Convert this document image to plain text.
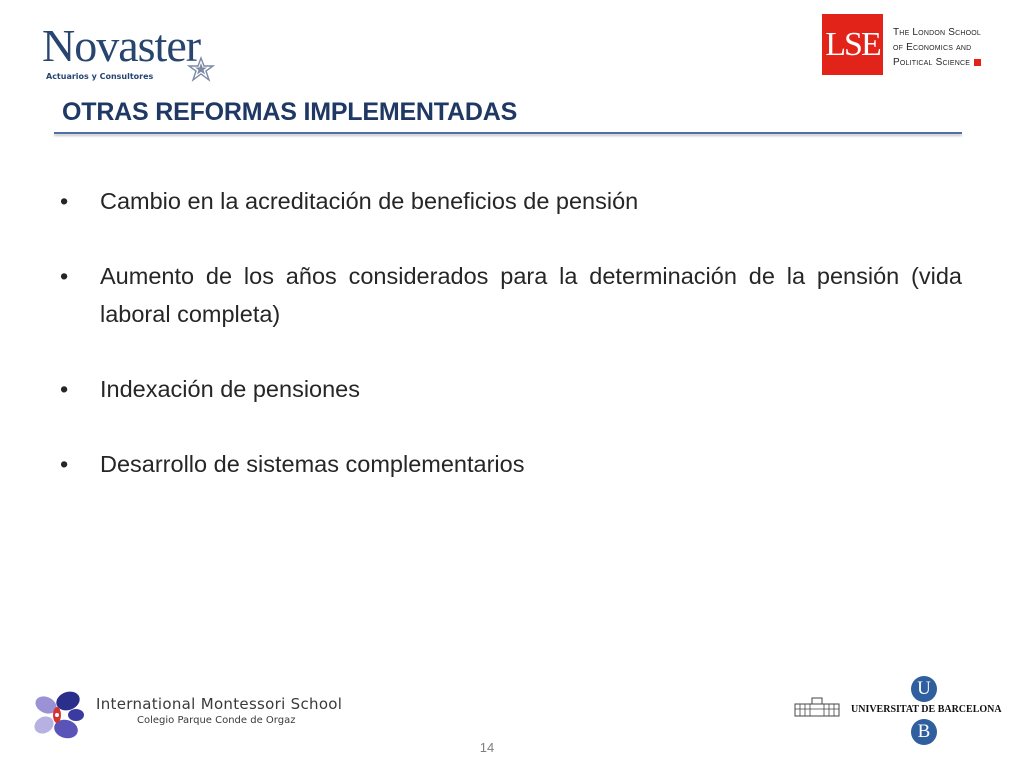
Novaster
Actuarios y Consultores
LSE	The London School
of Economics and
Political Science
OTRAS REFORMAS IMPLEMENTADAS
•	Cambio en la acreditación de beneficios de pensión
•	Aumento de los años considerados para la determinación de la pensión (vida laboral completa)
•	Indexación de pensiones
•	Desarrollo de sistemas complementarios
International Montessori School
Colegio Parque Conde de Orgaz
14
U
UNIVERSITAT DE BARCELONA
B
